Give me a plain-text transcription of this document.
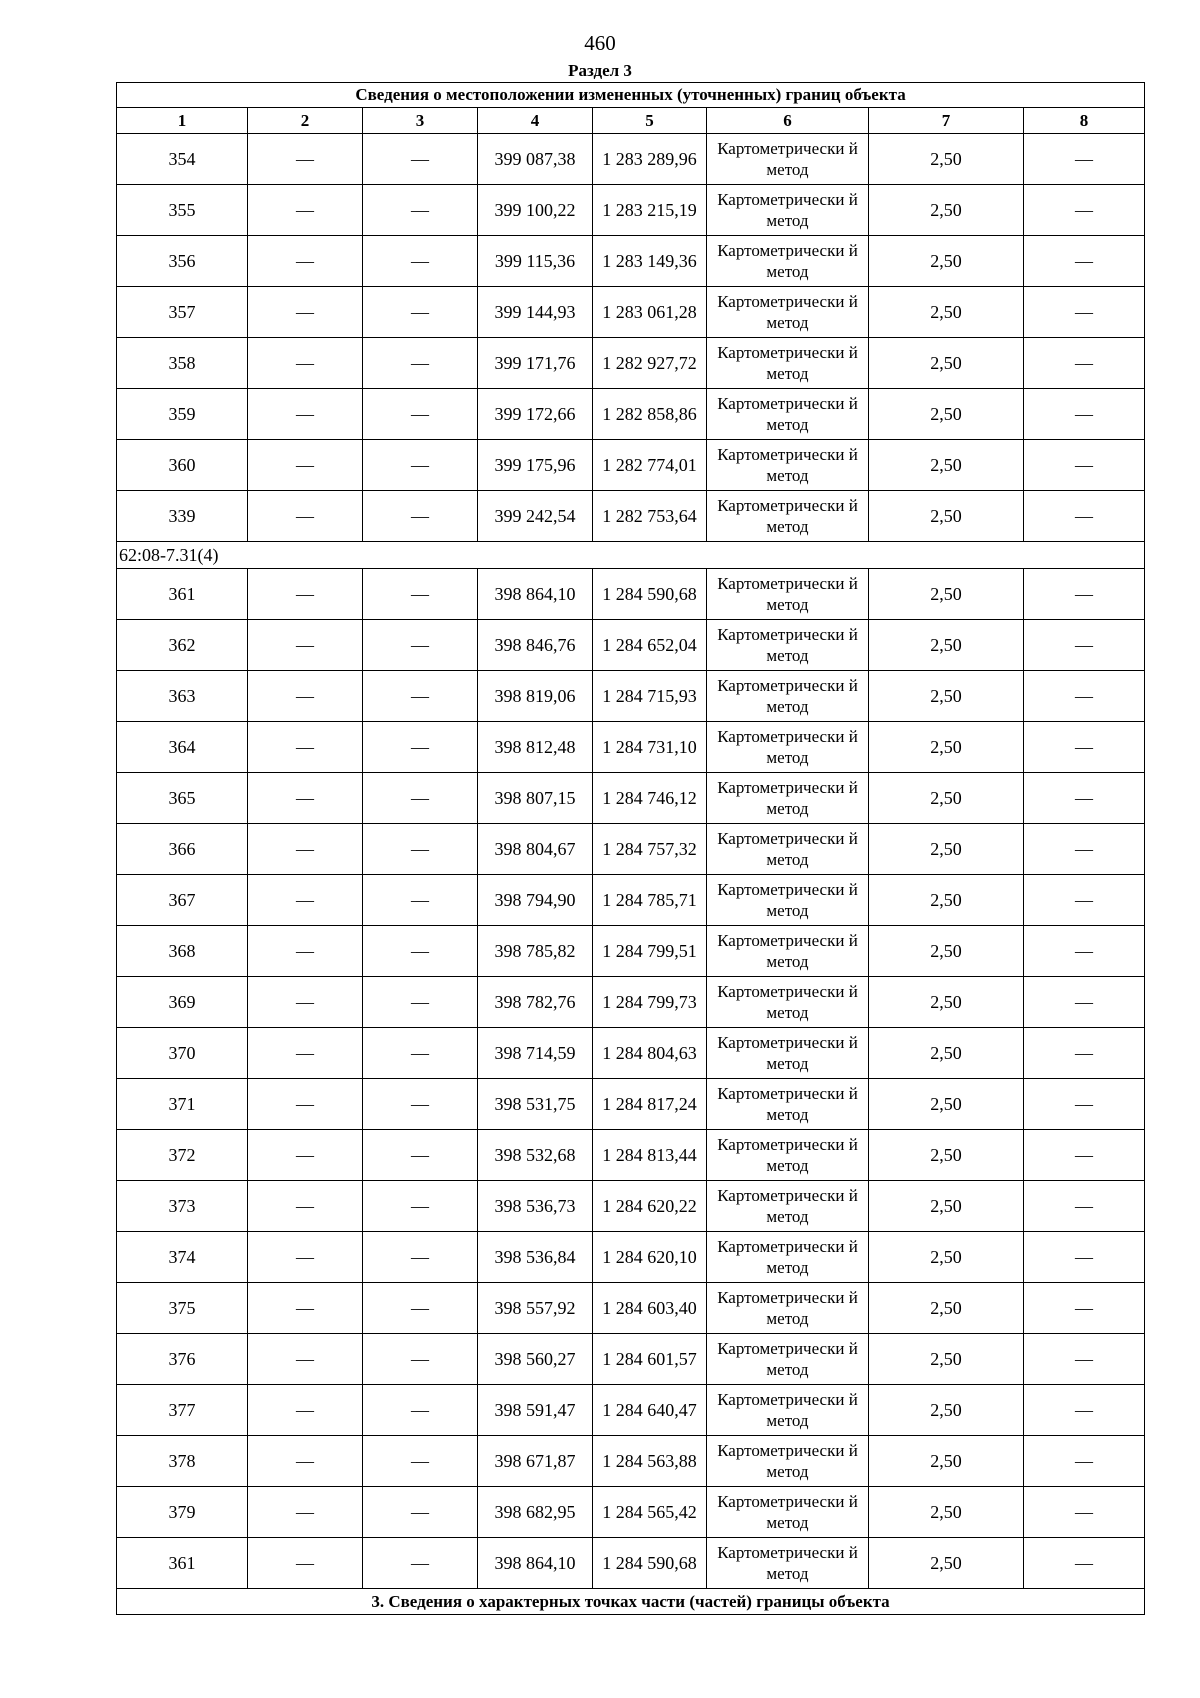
460
Раздел 3
Сведения о местоположении измененных (уточненных) границ объекта							
1	2	3	4	5	6	7	8
354	—	—	399 087,38	1 283 289,96	Картометрически й метод	2,50	—
355	—	—	399 100,22	1 283 215,19	Картометрически й метод	2,50	—
356	—	—	399 115,36	1 283 149,36	Картометрически й метод	2,50	—
357	—	—	399 144,93	1 283 061,28	Картометрически й метод	2,50	—
358	—	—	399 171,76	1 282 927,72	Картометрически й метод	2,50	—
359	—	—	399 172,66	1 282 858,86	Картометрически й метод	2,50	—
360	—	—	399 175,96	1 282 774,01	Картометрически й метод	2,50	—
339	—	—	399 242,54	1 282 753,64	Картометрически й метод	2,50	—
62:08-7.31(4)							
361	—	—	398 864,10	1 284 590,68	Картометрически й метод	2,50	—
362	—	—	398 846,76	1 284 652,04	Картометрически й метод	2,50	—
363	—	—	398 819,06	1 284 715,93	Картометрически й метод	2,50	—
364	—	—	398 812,48	1 284 731,10	Картометрически й метод	2,50	—
365	—	—	398 807,15	1 284 746,12	Картометрически й метод	2,50	—
366	—	—	398 804,67	1 284 757,32	Картометрически й метод	2,50	—
367	—	—	398 794,90	1 284 785,71	Картометрически й метод	2,50	—
368	—	—	398 785,82	1 284 799,51	Картометрически й метод	2,50	—
369	—	—	398 782,76	1 284 799,73	Картометрически й метод	2,50	—
370	—	—	398 714,59	1 284 804,63	Картометрически й метод	2,50	—
371	—	—	398 531,75	1 284 817,24	Картометрически й метод	2,50	—
372	—	—	398 532,68	1 284 813,44	Картометрически й метод	2,50	—
373	—	—	398 536,73	1 284 620,22	Картометрически й метод	2,50	—
374	—	—	398 536,84	1 284 620,10	Картометрически й метод	2,50	—
375	—	—	398 557,92	1 284 603,40	Картометрически й метод	2,50	—
376	—	—	398 560,27	1 284 601,57	Картометрически й метод	2,50	—
377	—	—	398 591,47	1 284 640,47	Картометрически й метод	2,50	—
378	—	—	398 671,87	1 284 563,88	Картометрически й метод	2,50	—
379	—	—	398 682,95	1 284 565,42	Картометрически й метод	2,50	—
361	—	—	398 864,10	1 284 590,68	Картометрически й метод	2,50	—
3. Сведения о характерных точках части (частей) границы объекта							
